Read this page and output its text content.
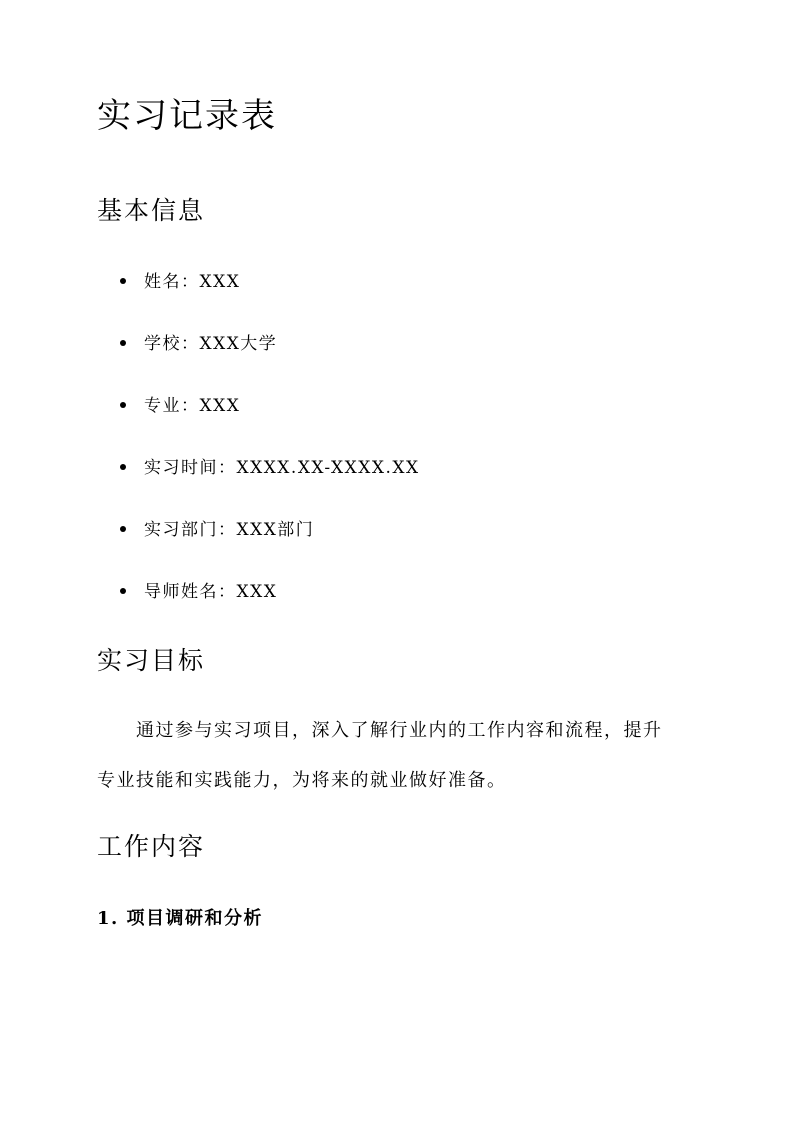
实习记录表
基本信息
姓名：XXX
学校：XXX大学
专业：XXX
实习时间：XXXX.XX-XXXX.XX
实习部门：XXX部门
导师姓名：XXX
实习目标

通过参与实习项目，深入了解行业内的工作内容和流程，提升

专业技能和实践能力，为将来的就业做好准备。

工作内容
1. 项目调研和分析
